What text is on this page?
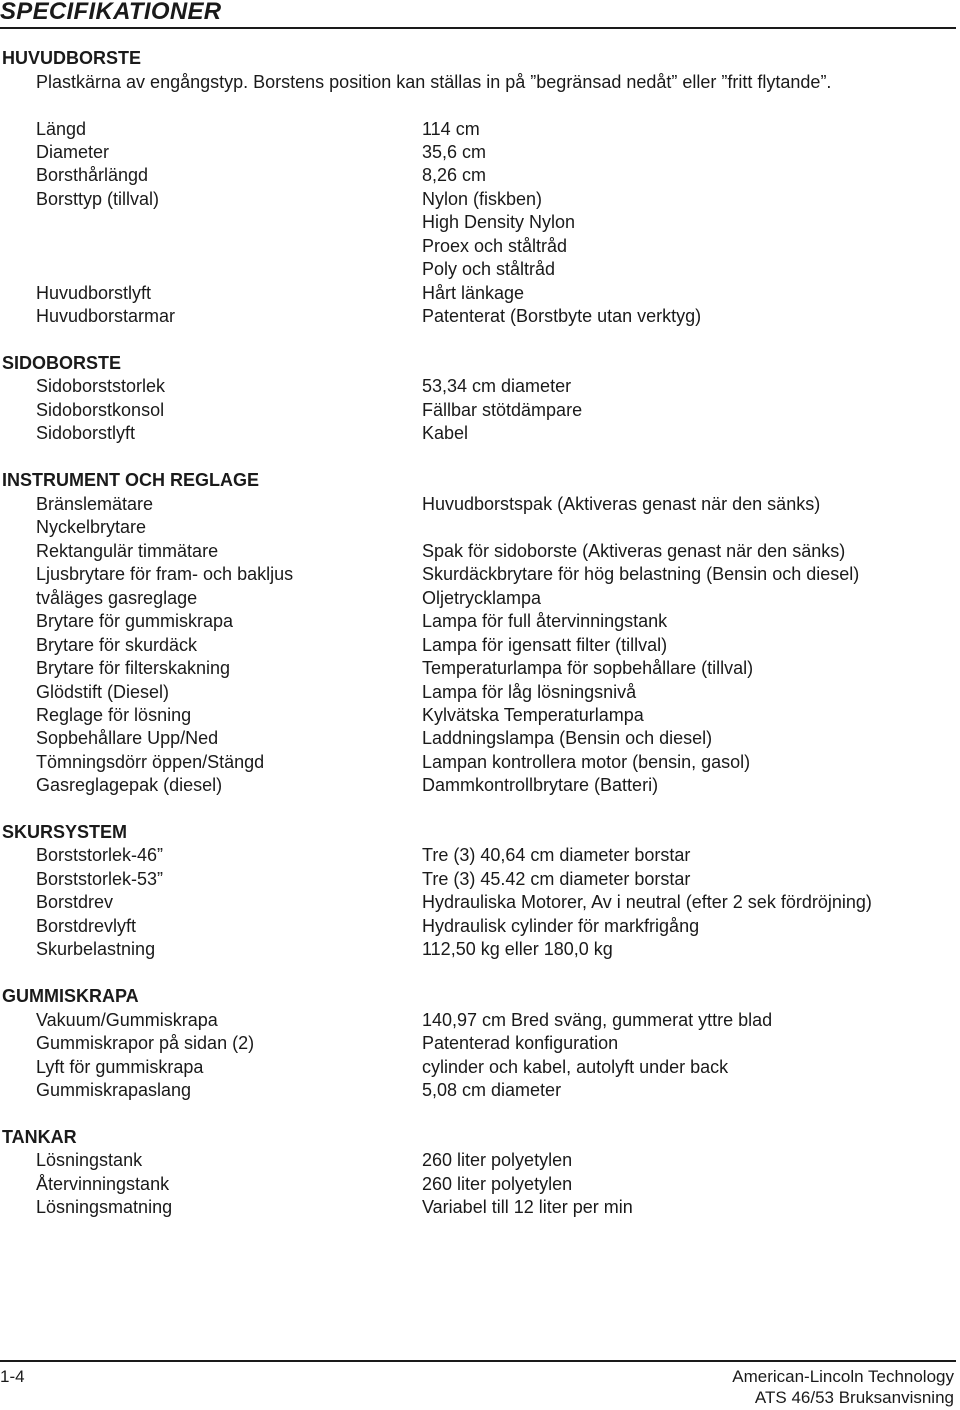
SPECIFIKATIONER
HUVUDBORSTE
Plastkärna av engångstyp. Borstens position kan ställas in på ”begränsad nedåt” eller ”fritt flytande”.
Längd
Diameter
Borsthårlängd
Borsttyp (tillval)
Huvudborstlyft
Huvudborstarmar
114 cm
35,6 cm
8,26 cm
Nylon (fiskben)
High Density Nylon
Proex och ståltråd
Poly och ståltråd
Hårt länkage
Patenterat (Borstbyte utan verktyg)
SIDOBORSTE
Sidoborststorlek
Sidoborstkonsol
Sidoborstlyft
53,34 cm diameter
Fällbar stötdämpare
Kabel
INSTRUMENT OCH REGLAGE
Bränslemätare
Nyckelbrytare
Rektangulär timmätare
Ljusbrytare för fram- och bakljus
tvåläges gasreglage
Brytare för gummiskrapa
Brytare för skurdäck
Brytare för filterskakning
Glödstift (Diesel)
Reglage för lösning
Sopbehållare Upp/Ned
Tömningsdörr öppen/Stängd
Gasreglagepak (diesel)
Huvudborstspak (Aktiveras genast när den sänks)
Spak för sidoborste (Aktiveras genast när den sänks)
Skurdäckbrytare för hög belastning (Bensin och diesel)
Oljetrycklampa
Lampa för full återvinningstank
Lampa för igensatt filter (tillval)
Temperaturlampa för sopbehållare (tillval)
Lampa för låg lösningsnivå
Kylvätska Temperaturlampa
Laddningslampa (Bensin och diesel)
Lampan kontrollera motor (bensin, gasol)
Dammkontrollbrytare (Batteri)
SKURSYSTEM
Borststorlek-46”
Borststorlek-53”
Borstdrev
Borstdrevlyft
Skurbelastning
Tre (3) 40,64 cm diameter borstar
Tre (3) 45.42 cm diameter borstar
Hydrauliska Motorer, Av i neutral (efter 2 sek fördröjning)
Hydraulisk cylinder för markfrigång
112,50 kg eller 180,0 kg
GUMMISKRAPA
Vakuum/Gummiskrapa
Gummiskrapor på sidan (2)
Lyft för gummiskrapa
Gummiskrapaslang
140,97 cm Bred sväng, gummerat yttre blad
Patenterad konfiguration
cylinder och kabel, autolyft under back
5,08 cm diameter
TANKAR
Lösningstank
Återvinningstank
Lösningsmatning
260 liter polyetylen
260 liter polyetylen
Variabel till 12 liter per min
1-4	American-Lincoln Technology
ATS 46/53 Bruksanvisning
